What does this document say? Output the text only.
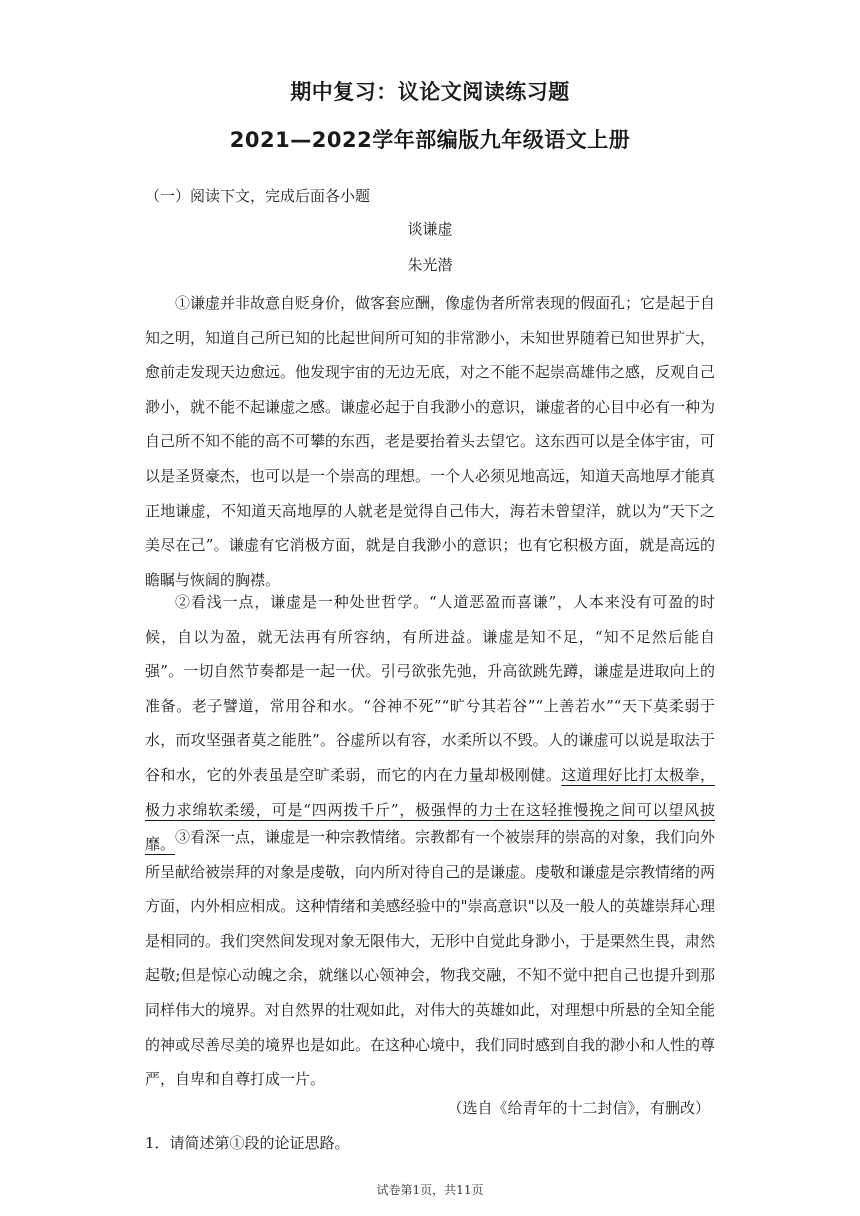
期中复习：议论文阅读练习题
2021—2022学年部编版九年级语文上册
（一）阅读下文，完成后面各小题
谈谦虚
朱光潜

①谦虚并非故意自贬身价，做客套应酬，像虚伪者所常表现的假面孔；它是起于自知之明，知道自己所已知的比起世间所可知的非常渺小，未知世界随着已知世界扩大，愈前走发现天边愈远。他发现宇宙的无边无底，对之不能不起崇高雄伟之感，反观自己渺小，就不能不起谦虚之感。谦虚必起于自我渺小的意识，谦虚者的心目中必有一种为自己所不知不能的高不可攀的东西，老是要抬着头去望它。这东西可以是全体宇宙，可以是圣贤豪杰，也可以是一个崇高的理想。一个人必须见地高远，知道天高地厚才能真正地谦虚，不知道天高地厚的人就老是觉得自己伟大，海若未曾望洋，就以为“天下之美尽在己”。谦虚有它消极方面，就是自我渺小的意识；也有它积极方面，就是高远的瞻瞩与恢阔的胸襟。

②看浅一点，谦虚是一种处世哲学。“人道恶盈而喜谦”，人本来没有可盈的时候，自以为盈，就无法再有所容纳，有所进益。谦虚是知不足，“知不足然后能自强”。一切自然节奏都是一起一伏。引弓欲张先弛，升高欲跳先蹲，谦虚是进取向上的准备。老子譬道，常用谷和水。“谷神不死”“旷兮其若谷”“上善若水”“天下莫柔弱于水，而攻坚强者莫之能胜”。谷虚所以有容，水柔所以不毁。人的谦虚可以说是取法于谷和水，它的外表虽是空旷柔弱，而它的内在力量却极刚健。这道理好比打太极拳，极力求绵软柔缓，可是“四两拨千斤”，极强悍的力士在这轻推慢挽之间可以望风披靡。 ③看深一点，谦虚是一种宗教情绪。宗教都有一个被崇拜的崇高的对象，我们向外所呈献给被崇拜的对象是虔敬，向内所对待自己的是谦虚。虔敬和谦虚是宗教情绪的两方面，内外相应相成。这种情绪和美感经验中的"崇高意识"以及一般人的英雄崇拜心理是相同的。我们突然间发现对象无限伟大，无形中自觉此身渺小，于是栗然生畏，肃然起敬;但是惊心动魄之余，就继以心领神会，物我交融，不知不觉中把自己也提升到那同样伟大的境界。对自然界的壮观如此，对伟大的英雄如此，对理想中所悬的全知全能的神或尽善尽美的境界也是如此。在这种心境中，我们同时感到自我的渺小和人性的尊严，自卑和自尊打成一片。

（选自《给青年的十二封信》，有删改）
1．请简述第①段的论证思路。
试卷第1页，共11页
